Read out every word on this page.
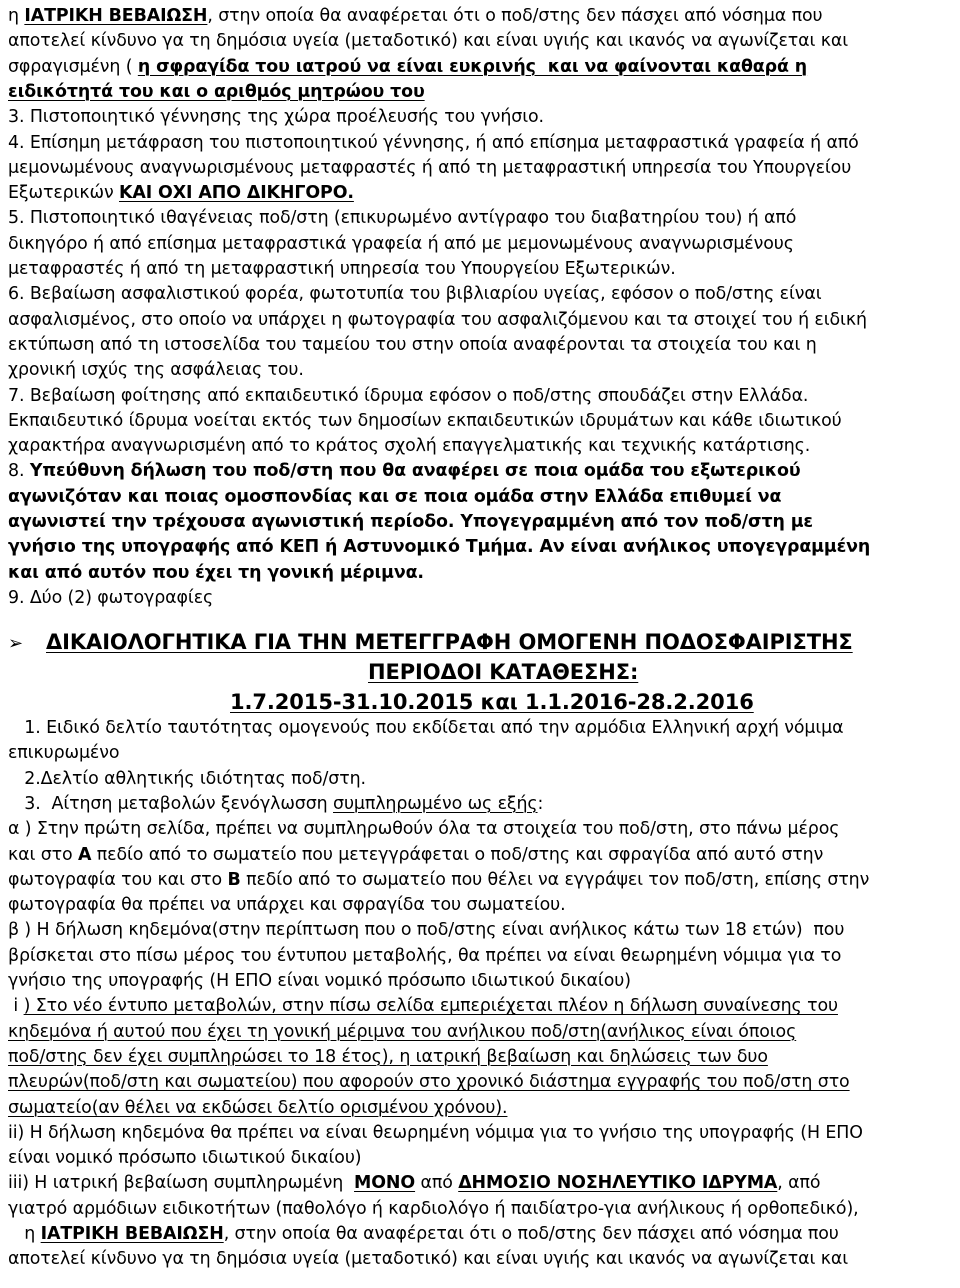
η ΙΑΤΡΙΚΗ ΒΕΒΑΙΩΣΗ, στην οποία θα αναφέρεται ότι ο ποδ/στης δεν πάσχει από νόσημα που
αποτελεί κίνδυνο γα τη δημόσια υγεία (μεταδοτικό) και είναι υγιής και ικανός να αγωνίζεται και
σφραγισμένη ( η σφραγίδα του ιατρού να είναι ευκρινής  και να φαίνονται καθαρά η
ειδικότητά του και ο αριθμός μητρώου του
3. Πιστοποιητικό γέννησης της χώρα προέλευσής του γνήσιο.
4. Επίσημη μετάφραση του πιστοποιητικού γέννησης, ή από επίσημα μεταφραστικά γραφεία ή από
μεμονωμένους αναγνωρισμένους μεταφραστές ή από τη μεταφραστική υπηρεσία του Υπουργείου
Εξωτερικών ΚΑΙ ΟΧΙ ΑΠΟ ΔΙΚΗΓΟΡΟ.
5. Πιστοποιητικό ιθαγένειας ποδ/στη (επικυρωμένο αντίγραφο του διαβατηρίου του) ή από
δικηγόρο ή από επίσημα μεταφραστικά γραφεία ή από με μεμονωμένους αναγνωρισμένους
μεταφραστές ή από τη μεταφραστική υπηρεσία του Υπουργείου Εξωτερικών.
6. Βεβαίωση ασφαλιστικού φορέα, φωτοτυπία του βιβλιαρίου υγείας, εφόσον ο ποδ/στης είναι
ασφαλισμένος, στο οποίο να υπάρχει η φωτογραφία του ασφαλιζόμενου και τα στοιχεί του ή ειδική
εκτύπωση από τη ιστοσελίδα του ταμείου του στην οποία αναφέρονται τα στοιχεία του και η
χρονική ισχύς της ασφάλειας του.
7. Βεβαίωση φοίτησης από εκπαιδευτικό ίδρυμα εφόσον ο ποδ/στης σπουδάζει στην Ελλάδα.
Εκπαιδευτικό ίδρυμα νοείται εκτός των δημοσίων εκπαιδευτικών ιδρυμάτων και κάθε ιδιωτικού
χαρακτήρα αναγνωρισμένη από το κράτος σχολή επαγγελματικής και τεχνικής κατάρτισης.
8. Υπεύθυνη δήλωση του ποδ/στη που θα αναφέρει σε ποια ομάδα του εξωτερικού
αγωνιζόταν και ποιας ομοσπονδίας και σε ποια ομάδα στην Ελλάδα επιθυμεί να
αγωνιστεί την τρέχουσα αγωνιστική περίοδο. Υπογεγραμμένη από τον ποδ/στη με
γνήσιο της υπογραφής από ΚΕΠ ή Αστυνομικό Τμήμα. Αν είναι ανήλικος υπογεγραμμένη
και από αυτόν που έχει τη γονική μέριμνα.
9. Δύο (2) φωτογραφίες
➢ ΔΙΚΑΙΟΛΟΓΗΤΙΚΑ ΓΙΑ ΤΗΝ ΜΕΤΕΓΓΡΑΦΗ ΟΜΟΓΕΝΗ ΠΟΔΟΣΦΑΙΡΙΣΤΗΣ
ΠΕΡΙΟΔΟΙ ΚΑΤΑΘΕΣΗΣ:
1.7.2015-31.10.2015 και 1.1.2016-28.2.2016
1. Ειδικό δελτίο ταυτότητας ομογενούς που εκδίδεται από την αρμόδια Ελληνική αρχή νόμιμα
επικυρωμένο
2.Δελτίο αθλητικής ιδιότητας ποδ/στη.
3.  Αίτηση μεταβολών ξενόγλωσση συμπληρωμένο ως εξής:
α ) Στην πρώτη σελίδα, πρέπει να συμπληρωθούν όλα τα στοιχεία του ποδ/στη, στο πάνω μέρος
και στο Α πεδίο από το σωματείο που μετεγγράφεται ο ποδ/στης και σφραγίδα από αυτό στην
φωτογραφία του και στο Β πεδίο από το σωματείο που θέλει να εγγράψει τον ποδ/στη, επίσης στην
φωτογραφία θα πρέπει να υπάρχει και σφραγίδα του σωματείου.
β ) Η δήλωση κηδεμόνα(στην περίπτωση που ο ποδ/στης είναι ανήλικος κάτω των 18 ετών)  που
βρίσκεται στο πίσω μέρος του έντυπου μεταβολής, θα πρέπει να είναι θεωρημένη νόμιμα για το
γνήσιο της υπογραφής (Η ΕΠΟ είναι νομικό πρόσωπο ιδιωτικού δικαίου)
i ) Στο νέο έντυπο μεταβολών, στην πίσω σελίδα εμπεριέχεται πλέον η δήλωση συναίνεσης του
κηδεμόνα ή αυτού που έχει τη γονική μέριμνα του ανήλικου ποδ/στη(ανήλικος είναι όποιος
ποδ/στης δεν έχει συμπληρώσει το 18 έτος), η ιατρική βεβαίωση και δηλώσεις των δυο
πλευρών(ποδ/στη και σωματείου) που αφορούν στο χρονικό διάστημα εγγραφής του ποδ/στη στο
σωματείο(αν θέλει να εκδώσει δελτίο ορισμένου χρόνου).
ii) Η δήλωση κηδεμόνα θα πρέπει να είναι θεωρημένη νόμιμα για το γνήσιο της υπογραφής (Η ΕΠΟ
είναι νομικό πρόσωπο ιδιωτικού δικαίου)
iii) Η ιατρική βεβαίωση συμπληρωμένη  ΜΟΝΟ από ΔΗΜΟΣΙΟ ΝΟΣΗΛΕΥΤΙΚΟ ΙΔΡΥΜΑ, από
γιατρό αρμόδιων ειδικοτήτων (παθολόγο ή καρδιολόγο ή παιδίατρο-για ανήλικους ή ορθοπεδικό),
η ΙΑΤΡΙΚΗ ΒΕΒΑΙΩΣΗ, στην οποία θα αναφέρεται ότι ο ποδ/στης δεν πάσχει από νόσημα που
αποτελεί κίνδυνο γα τη δημόσια υγεία (μεταδοτικό) και είναι υγιής και ικανός να αγωνίζεται και
